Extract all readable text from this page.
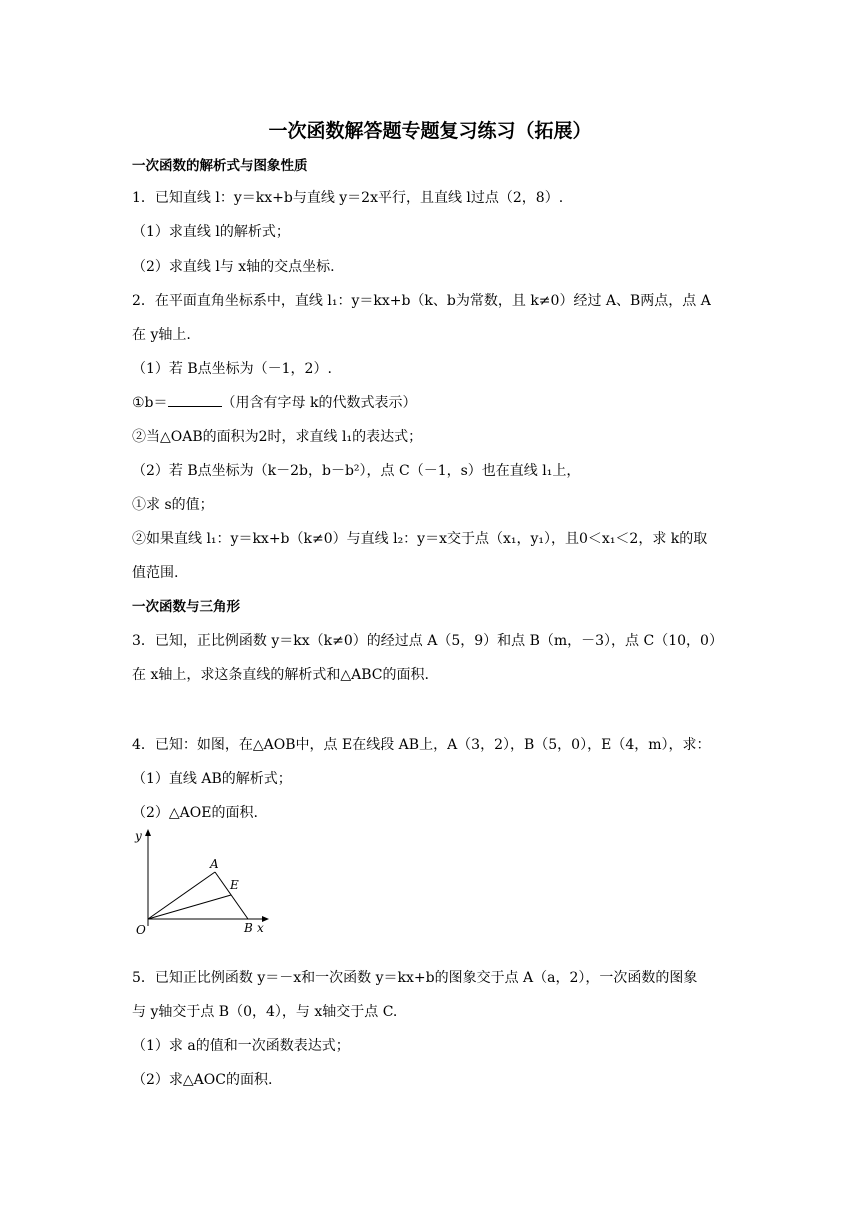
一次函数解答题专题复习练习（拓展）
一次函数的解析式与图象性质
1．已知直线 l：y＝kx+b与直线 y＝2x平行，且直线 l过点（2，8）.
（1）求直线 l的解析式；
（2）求直线 l与 x轴的交点坐标.
2．在平面直角坐标系中，直线 l₁：y＝kx+b（k、b为常数，且 k≠0）经过 A、B两点，点 A
在 y轴上.
（1）若 B点坐标为（－1，2）.
①b＝	（用含有字母 k的代数式表示）
②当△OAB的面积为2时，求直线 l₁的表达式；
（2）若 B点坐标为（k－2b，b－b²），点 C（－1，s）也在直线 l₁上，
①求 s的值；
②如果直线 l₁：y＝kx+b（k≠0）与直线 l₂：y＝x交于点（x₁，y₁），且0＜x₁＜2，求 k的取
值范围.
一次函数与三角形
3．已知，正比例函数 y＝kx（k≠0）的经过点 A（5，9）和点 B（m，－3），点 C（10，0）
在 x轴上，求这条直线的解析式和△ABC的面积.
4．已知：如图，在△AOB中，点 E在线段 AB上，A（3，2），B（5，0），E（4，m），求：
（1）直线 AB的解析式；
（2）△AOE的面积.
y
x
O
A
E
B
5．已知正比例函数 y＝－x和一次函数 y＝kx+b的图象交于点 A（a，2），一次函数的图象
与 y轴交于点 B（0，4），与 x轴交于点 C.
（1）求 a的值和一次函数表达式；
（2）求△AOC的面积.
